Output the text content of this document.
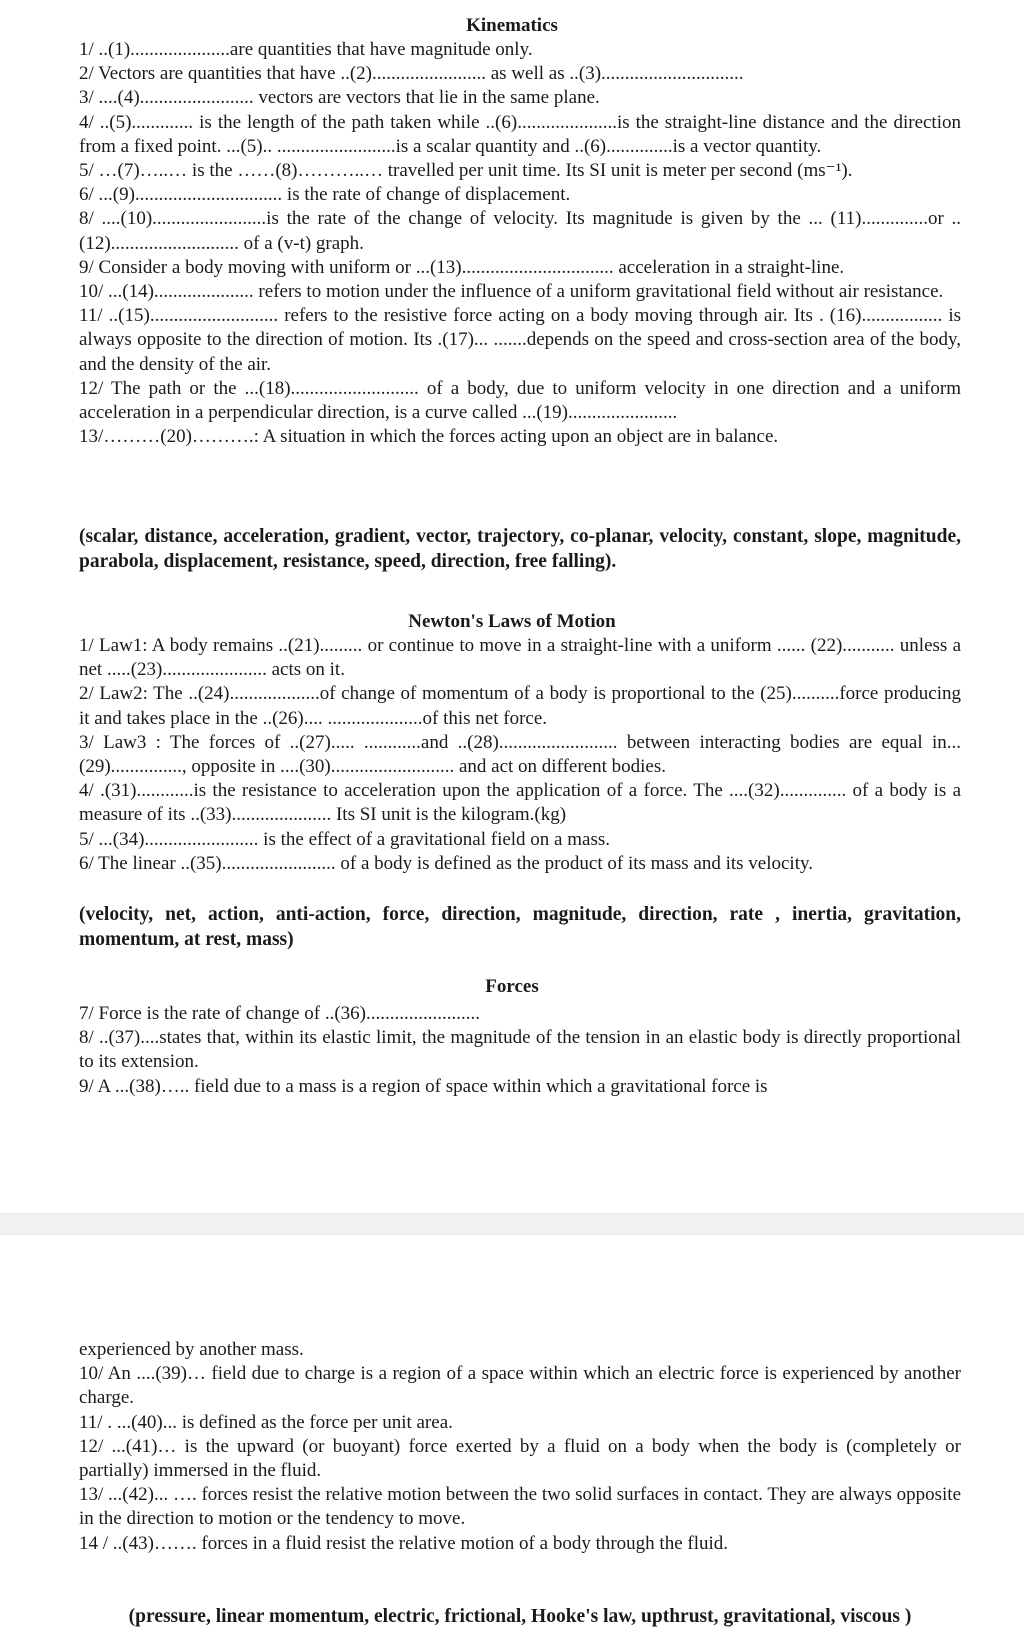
Kinematics

1/ ..(1).....................are quantities that have magnitude only.

2/ Vectors are quantities that have ..(2)........................ as well as ..(3)..............................

3/ ....(4)........................ vectors are vectors that lie in the same plane.

4/ ..(5)............. is the length of the path taken while ..(6).....................is the straight-line distance and the direction from a fixed point. ...(5).. .........................is a scalar quantity and ..(6)..............is a vector quantity.

5/ …(7)…..… is the ……(8)………..… travelled per unit time. Its SI unit is meter per second (ms⁻¹).

6/ ...(9)............................... is the rate of change of displacement.

8/ ....(10)........................is the rate of the change of velocity. Its magnitude is given by the ... (11)..............or ..(12)........................... of a (v-t) graph.

9/ Consider a body moving with uniform or ...(13)................................ acceleration in a straight-line.

10/ ...(14)..................... refers to motion under the influence of a uniform gravitational field without air resistance.

11/ ..(15)........................... refers to the resistive force acting on a body moving through air. Its . (16)................. is always opposite to the direction of motion. Its .(17)... .......depends on the speed and cross-section area of the body, and the density of the air.

12/ The path or the ...(18)........................... of a body, due to uniform velocity in one direction and a uniform acceleration in a perpendicular direction, is a curve called ...(19).......................

13/………(20)……….: A situation in which the forces acting upon an object are in balance.

(scalar, distance, acceleration, gradient, vector, trajectory, co-planar, velocity, constant, slope, magnitude, parabola, displacement, resistance, speed, direction, free falling).

Newton's Laws of Motion

1/ Law1: A body remains ..(21)......... or continue to move in a straight-line with a uniform ...... (22)........... unless a net .....(23)...................... acts on it.

2/ Law2: The ..(24)...................of change of momentum of a body is proportional to the (25)..........force producing it and takes place in the ..(26).... ....................of this net force.

3/ Law3 : The forces of ..(27)..... ............and ..(28)......................... between interacting bodies are equal in...(29)..............., opposite in ....(30).......................... and act on different bodies.

4/ .(31)............is the resistance to acceleration upon the application of a force. The ....(32).............. of a body is a measure of its ..(33)..................... Its SI unit is the kilogram.(kg)

5/ ...(34)........................ is the effect of a gravitational field on a mass.

6/ The linear ..(35)........................ of a body is defined as the product of its mass and its velocity.

(velocity, net, action, anti-action, force, direction, magnitude, direction, rate , inertia, gravitation, momentum, at rest, mass)

Forces

7/ Force is the rate of change of ..(36)........................

8/ ..(37)....states that, within its elastic limit, the magnitude of the tension in an elastic body is directly proportional to its extension.

9/ A ...(38)….. field due to a mass is a region of space within which a gravitational force is

experienced by another mass.

10/ An ....(39)… field due to charge is a region of a space within which an electric force is experienced by another charge.

11/ . ...(40)... is defined as the force per unit area.

12/ ...(41)… is the upward (or buoyant) force exerted by a fluid on a body when the body is (completely or partially) immersed in the fluid.

13/ ...(42)... …. forces resist the relative motion between the two solid surfaces in contact. They are always opposite in the direction to motion or the tendency to move.

14 / ..(43)……. forces in a fluid resist the relative motion of a body through the fluid.

(pressure, linear momentum, electric, frictional, Hooke's law, upthrust, gravitational, viscous )
